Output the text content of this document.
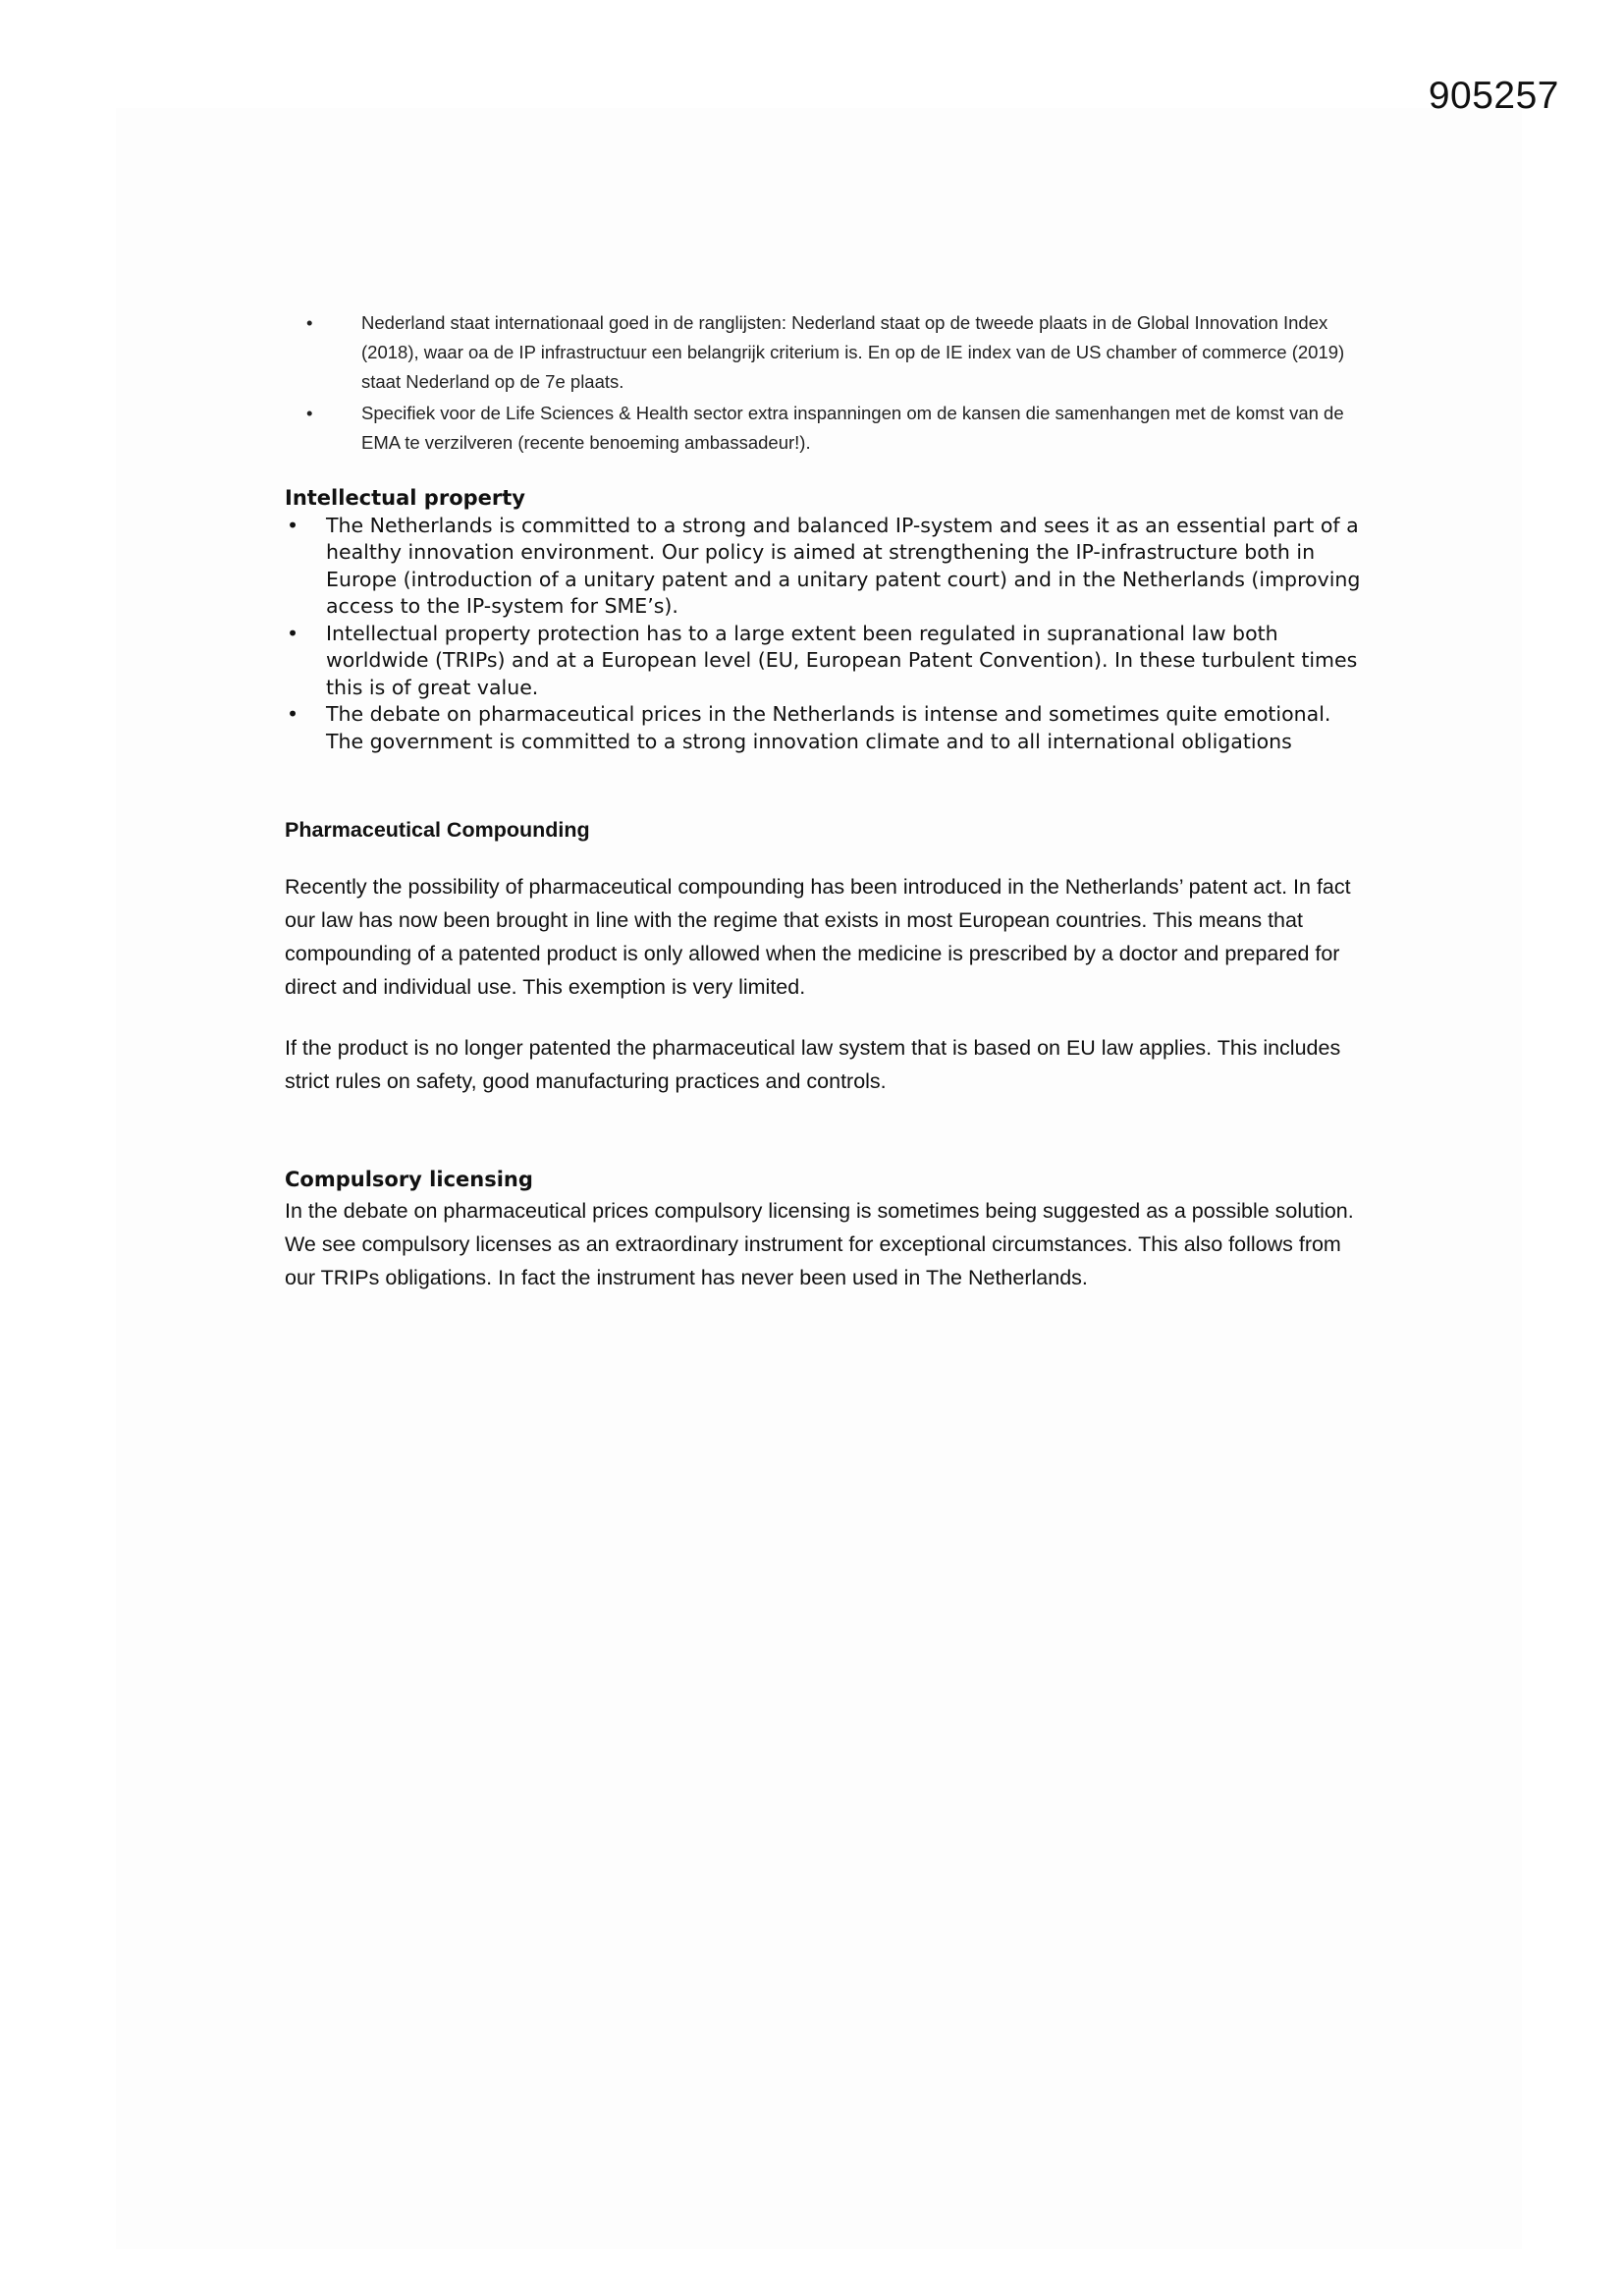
905257
•	Nederland staat internationaal goed in de ranglijsten: Nederland staat op de tweede plaats in de Global Innovation Index (2018), waar oa de IP infrastructuur een belangrijk criterium is. En op de IE index van de US chamber of commerce (2019) staat Nederland op de 7e plaats.
•	Specifiek voor de Life Sciences & Health sector extra inspanningen om de kansen die samenhangen met de komst van de EMA te verzilveren (recente benoeming ambassadeur!).
Intellectual property
• The Netherlands is committed to a strong and balanced IP-system and sees it as an essential part of a healthy innovation environment. Our policy is aimed at strengthening the IP-infrastructure both in Europe (introduction of a unitary patent and a unitary patent court) and in the Netherlands (improving access to the IP-system for SME’s).
• Intellectual property protection has to a large extent been regulated in supranational law both worldwide (TRIPs) and at a European level (EU, European Patent Convention). In these turbulent times this is of great value.
• The debate on pharmaceutical prices in the Netherlands is intense and sometimes quite emotional. The government is committed to a strong innovation climate and to all international obligations
Pharmaceutical Compounding

Recently the possibility of pharmaceutical compounding has been introduced in the Netherlands’ patent act. In fact our law has now been brought in line with the regime that exists in most European countries. This means that compounding of a patented product is only allowed when the medicine is prescribed by a doctor and prepared for direct and individual use. This exemption is very limited.

If the product is no longer patented the pharmaceutical law system that is based on EU law applies. This includes strict rules on safety, good manufacturing practices and controls.

Compulsory licensing

In the debate on pharmaceutical prices compulsory licensing is sometimes being suggested as a possible solution. We see compulsory licenses as an extraordinary instrument for exceptional circumstances. This also follows from our TRIPs obligations. In fact the instrument has never been used in The Netherlands.
